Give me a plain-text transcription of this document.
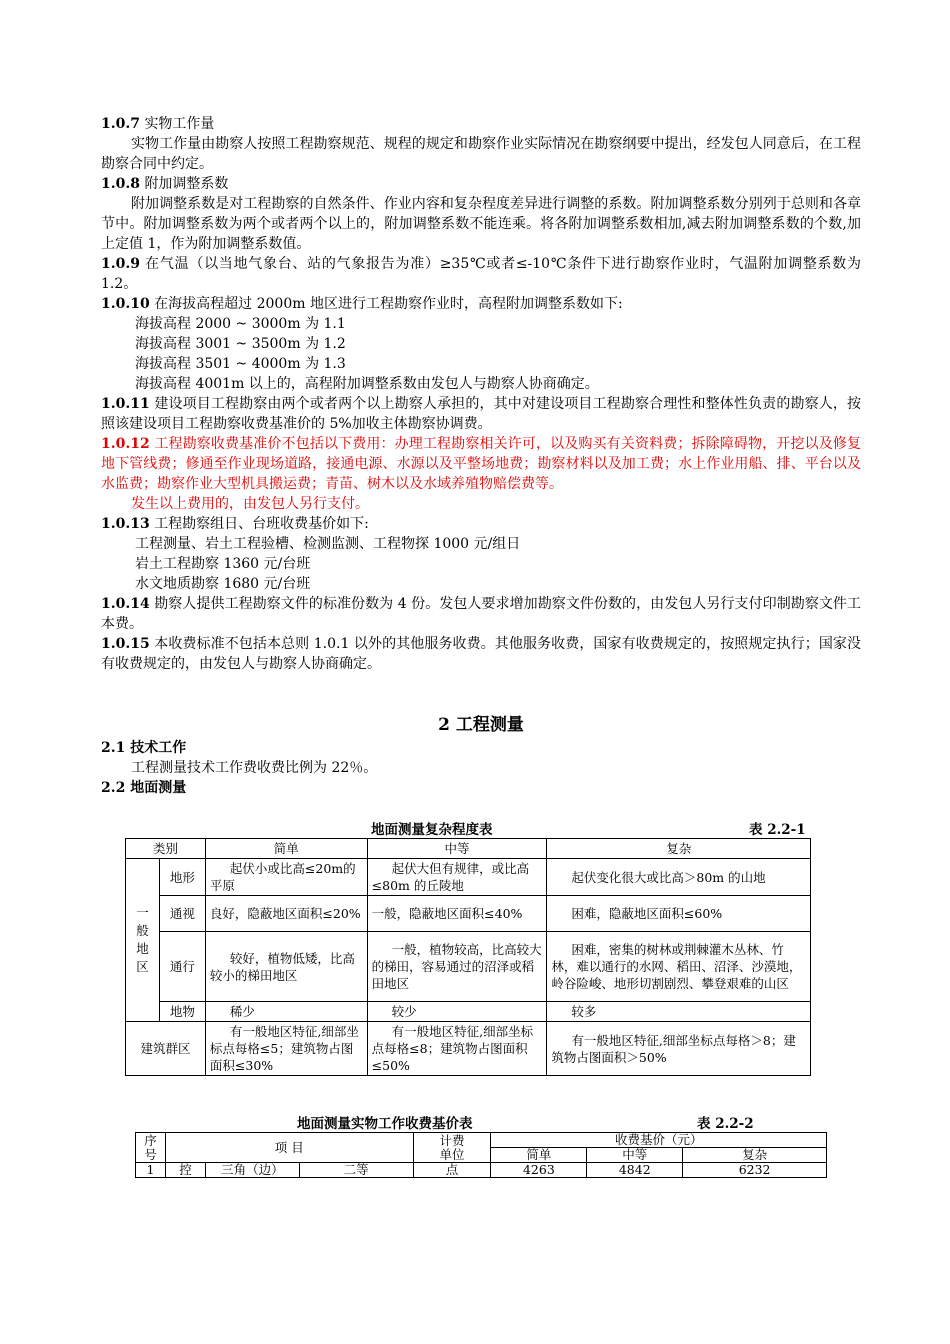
1.0.7 实物工作量

实物工作量由勘察人按照工程勘察规范、规程的规定和勘察作业实际情况在勘察纲要中提出，经发包人同意后，在工程勘察合同中约定。

1.0.8 附加调整系数

附加调整系数是对工程勘察的自然条件、作业内容和复杂程度差异进行调整的系数。附加调整系数分别列于总则和各章节中。附加调整系数为两个或者两个以上的，附加调整系数不能连乘。将各附加调整系数相加,减去附加调整系数的个数,加上定值 1，作为附加调整系数值。

1.0.9 在气温（以当地气象台、站的气象报告为准）≥35℃或者≤-10℃条件下进行勘察作业时，气温附加调整系数为 1.2。

1.0.10 在海拔高程超过 2000m 地区进行工程勘察作业时，高程附加调整系数如下:

海拔高程 2000 ~ 3000m 为 1.1

海拔高程 3001 ~ 3500m 为 1.2

海拔高程 3501 ~ 4000m 为 1.3

海拔高程 4001m 以上的，高程附加调整系数由发包人与勘察人协商确定。

1.0.11 建设项目工程勘察由两个或者两个以上勘察人承担的，其中对建设项目工程勘察合理性和整体性负责的勘察人，按照该建设项目工程勘察收费基准价的 5%加收主体勘察协调费。

1.0.12 工程勘察收费基准价不包括以下费用：办理工程勘察相关许可，以及购买有关资料费；拆除障碍物，开挖以及修复地下管线费；修通至作业现场道路，接通电源、水源以及平整场地费；勘察材料以及加工费；水上作业用船、排、平台以及水监费；勘察作业大型机具搬运费；青苗、树木以及水域养殖物赔偿费等。

发生以上费用的，由发包人另行支付。

1.0.13 工程勘察组日、台班收费基价如下:

工程测量、岩土工程验槽、检测监测、工程物探 1000 元/组日

岩土工程勘察 1360 元/台班

水文地质勘察 1680 元/台班

1.0.14 勘察人提供工程勘察文件的标准份数为 4 份。发包人要求增加勘察文件份数的，由发包人另行支付印制勘察文件工本费。

1.0.15 本收费标准不包括本总则 1.0.1 以外的其他服务收费。其他服务收费，国家有收费规定的，按照规定执行；国家没有收费规定的，由发包人与勘察人协商确定。

2 工程测量
2.1 技术工作

工程测量技术工作费收费比例为 22％。

2.2 地面测量
地面测量复杂程度表	表 2.2-1
类别		简单	中等	复杂
一般地区	地形	起伏小或比高≤20m的平原	起伏大但有规律，或比高≤80m 的丘陵地	起伏变化很大或比高＞80m 的山地
	通视	良好，隐蔽地区面积≤20%	一般，隐蔽地区面积≤40%	困难，隐蔽地区面积≤60%
	通行	较好，植物低矮，比高较小的梯田地区	一般，植物较高，比高较大的梯田，容易通过的沼泽或稻田地区	困难，密集的树林或荆棘灌木丛林、竹林，难以通行的水网、稻田、沼泽、沙漠地，岭谷险峻、地形切割剧烈、攀登艰难的山区
	地物	稀少	较少	较多
建筑群区		有一般地区特征,细部坐标点每格≤5；建筑物占图面积≤30%	有一般地区特征,细部坐标点每格≤8；建筑物占图面积≤50%	有一般地区特征,细部坐标点每格＞8；建筑物占图面积＞50%
地面测量实物工作收费基价表	表 2.2-2
序号	项 目			计费单位	收费基价（元）		
					简单	中等	复杂
1	控	三角（边）	二等	点	4263	4842	6232
